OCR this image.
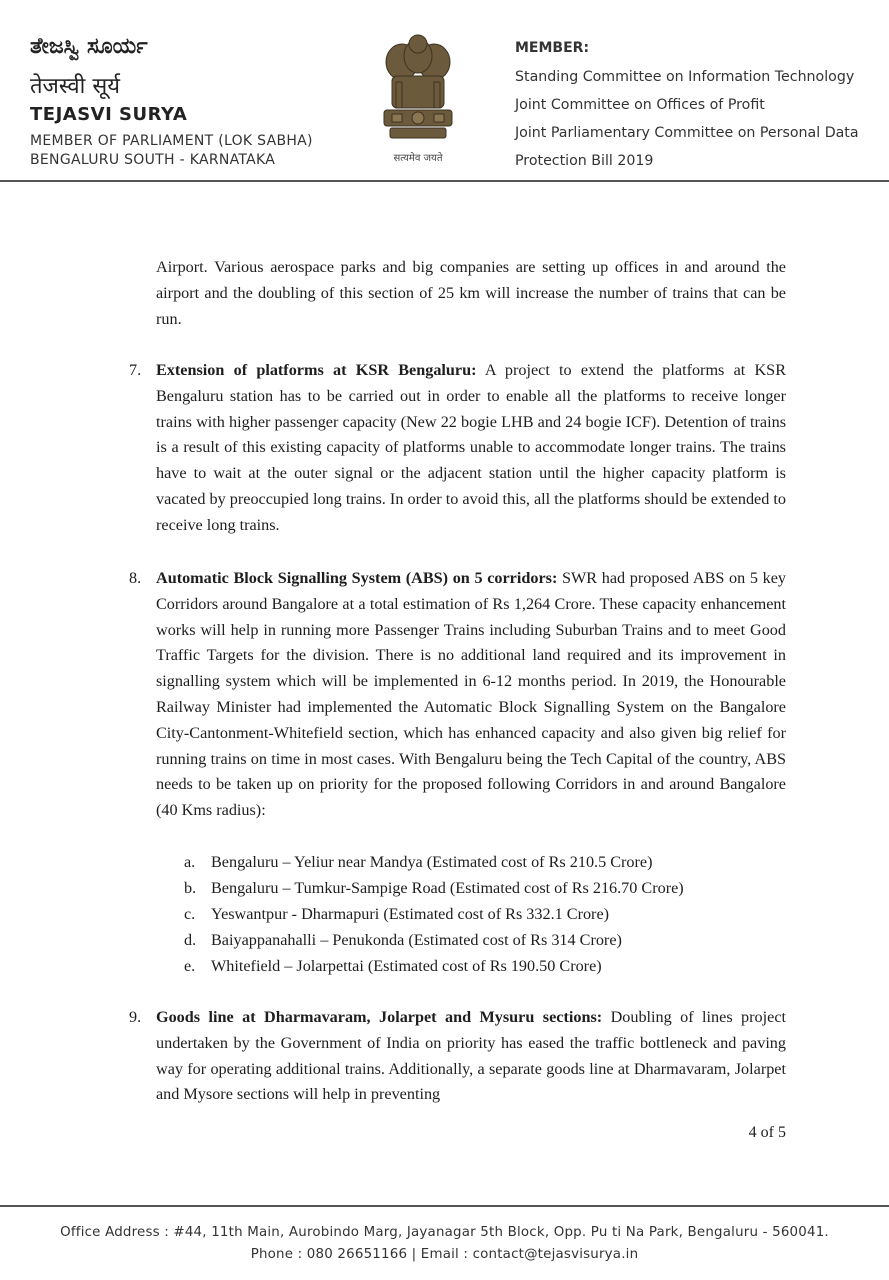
ತೇಜಸ್ವಿ ಸೂರ್ಯ
तेजस्वी सूर्य
TEJASVI SURYA
MEMBER OF PARLIAMENT (LOK SABHA)
BENGALURU SOUTH - KARNATAKA	सत्यमेव जयते
MEMBER:
Standing Committee on Information Technology
Joint Committee on Offices of Profit
Joint Parliamentary Committee on Personal Data
Protection Bill 2019
Airport. Various aerospace parks and big companies are setting up offices in and around the airport and the doubling of this section of 25 km will increase the number of trains that can be run.
7. Extension of platforms at KSR Bengaluru: A project to extend the platforms at KSR Bengaluru station has to be carried out in order to enable all the platforms to receive longer trains with higher passenger capacity (New 22 bogie LHB and 24 bogie ICF). Detention of trains is a result of this existing capacity of platforms unable to accommodate longer trains. The trains have to wait at the outer signal or the adjacent station until the higher capacity platform is vacated by preoccupied long trains. In order to avoid this, all the platforms should be extended to receive long trains.
8. Automatic Block Signalling System (ABS) on 5 corridors: SWR had proposed ABS on 5 key Corridors around Bangalore at a total estimation of Rs 1,264 Crore. These capacity enhancement works will help in running more Passenger Trains including Suburban Trains and to meet Good Traffic Targets for the division. There is no additional land required and its improvement in signalling system which will be implemented in 6-12 months period. In 2019, the Honourable Railway Minister had implemented the Automatic Block Signalling System on the Bangalore City-Cantonment-Whitefield section, which has enhanced capacity and also given big relief for running trains on time in most cases. With Bengaluru being the Tech Capital of the country, ABS needs to be taken up on priority for the proposed following Corridors in and around Bangalore (40 Kms radius):
a. Bengaluru – Yeliur near Mandya (Estimated cost of Rs 210.5 Crore)
b. Bengaluru – Tumkur-Sampige Road (Estimated cost of Rs 216.70 Crore)
c. Yeswantpur - Dharmapuri (Estimated cost of Rs 332.1 Crore)
d. Baiyappanahalli – Penukonda (Estimated cost of Rs 314 Crore)
e. Whitefield – Jolarpettai (Estimated cost of Rs 190.50 Crore)
9. Goods line at Dharmavaram, Jolarpet and Mysuru sections: Doubling of lines project undertaken by the Government of India on priority has eased the traffic bottleneck and paving way for operating additional trains. Additionally, a separate goods line at Dharmavaram, Jolarpet and Mysore sections will help in preventing
4 of 5
Office Address : #44, 11th Main, Aurobindo Marg, Jayanagar 5th Block, Opp. Pu ti Na Park, Bengaluru - 560041.
Phone : 080 26651166 | Email : contact@tejasvisurya.in
